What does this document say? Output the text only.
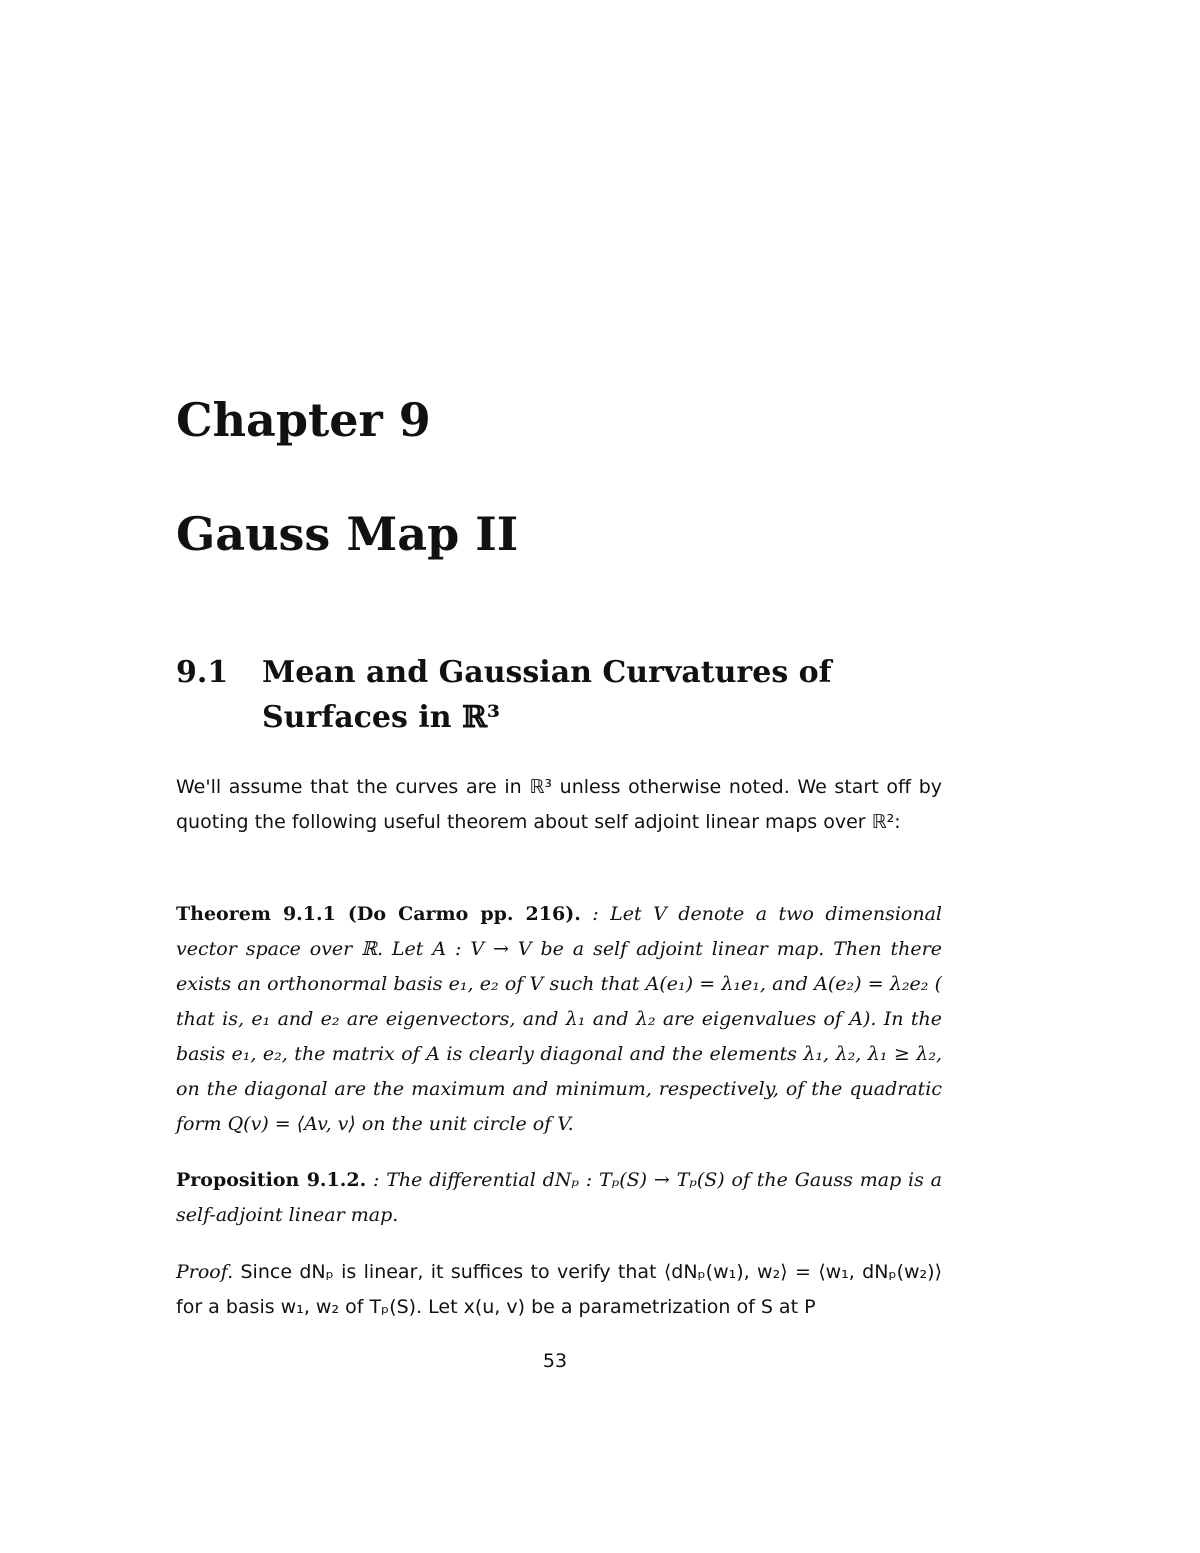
Chapter 9
Gauss Map II
9.1 Mean and Gaussian Curvatures of Surfaces in ℝ³
We'll assume that the curves are in ℝ³ unless otherwise noted. We start off by quoting the following useful theorem about self adjoint linear maps over ℝ²:
Theorem 9.1.1 (Do Carmo pp. 216). : Let V denote a two dimensional vector space over ℝ. Let A : V → V be a self adjoint linear map. Then there exists an orthonormal basis e₁, e₂ of V such that A(e₁) = λ₁e₁, and A(e₂) = λ₂e₂ ( that is, e₁ and e₂ are eigenvectors, and λ₁ and λ₂ are eigenvalues of A). In the basis e₁, e₂, the matrix of A is clearly diagonal and the elements λ₁, λ₂, λ₁ ≥ λ₂, on the diagonal are the maximum and minimum, respectively, of the quadratic form Q(v) = ⟨Av, v⟩ on the unit circle of V.
Proposition 9.1.2. : The differential dNₚ : Tₚ(S) → Tₚ(S) of the Gauss map is a self-adjoint linear map.
Proof. Since dNₚ is linear, it suffices to verify that ⟨dNₚ(w₁), w₂⟩ = ⟨w₁, dNₚ(w₂)⟩ for a basis w₁, w₂ of Tₚ(S). Let x(u, v) be a parametrization of S at P
53
